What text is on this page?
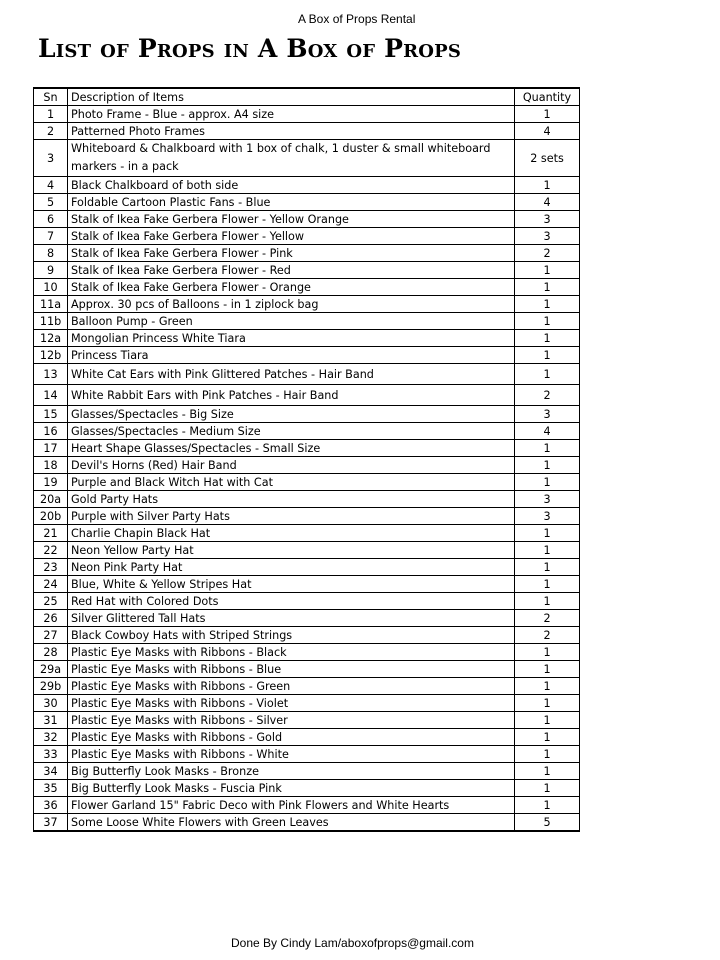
A Box of Props Rental
List of Props in A Box of Props
Sn	Description of Items	Quantity
1	Photo Frame - Blue - approx. A4 size	1
2	Patterned Photo Frames	4
3	Whiteboard & Chalkboard with 1 box of chalk, 1 duster & small whiteboard markers - in a pack	2 sets
4	Black Chalkboard of both side	1
5	Foldable Cartoon Plastic Fans - Blue	4
6	Stalk of Ikea Fake Gerbera Flower - Yellow Orange	3
7	Stalk of Ikea Fake Gerbera Flower - Yellow	3
8	Stalk of Ikea Fake Gerbera Flower - Pink	2
9	Stalk of Ikea Fake Gerbera Flower - Red	1
10	Stalk of Ikea Fake Gerbera Flower - Orange	1
11a	Approx. 30 pcs of Balloons - in 1 ziplock bag	1
11b	Balloon Pump - Green	1
12a	Mongolian Princess White Tiara	1
12b	Princess Tiara	1
13	White Cat Ears with Pink Glittered Patches - Hair Band	1
14	White Rabbit Ears with Pink Patches - Hair Band	2
15	Glasses/Spectacles - Big Size	3
16	Glasses/Spectacles - Medium Size	4
17	Heart Shape Glasses/Spectacles - Small Size	1
18	Devil's Horns (Red) Hair Band	1
19	Purple and Black Witch Hat with Cat	1
20a	Gold Party Hats	3
20b	Purple with Silver Party Hats	3
21	Charlie Chapin Black Hat	1
22	Neon Yellow Party Hat	1
23	Neon Pink Party Hat	1
24	Blue, White & Yellow Stripes Hat	1
25	Red Hat with Colored Dots	1
26	Silver Glittered Tall Hats	2
27	Black Cowboy Hats with Striped Strings	2
28	Plastic Eye Masks with Ribbons - Black	1
29a	Plastic Eye Masks with Ribbons - Blue	1
29b	Plastic Eye Masks with Ribbons - Green	1
30	Plastic Eye Masks with Ribbons - Violet	1
31	Plastic Eye Masks with Ribbons - Silver	1
32	Plastic Eye Masks with Ribbons - Gold	1
33	Plastic Eye Masks with Ribbons - White	1
34	Big Butterfly Look Masks - Bronze	1
35	Big Butterfly Look Masks - Fuscia Pink	1
36	Flower Garland 15" Fabric Deco with Pink Flowers and White Hearts	1
37	Some Loose White Flowers with Green Leaves	5
Done By Cindy Lam/aboxofprops@gmail.com
